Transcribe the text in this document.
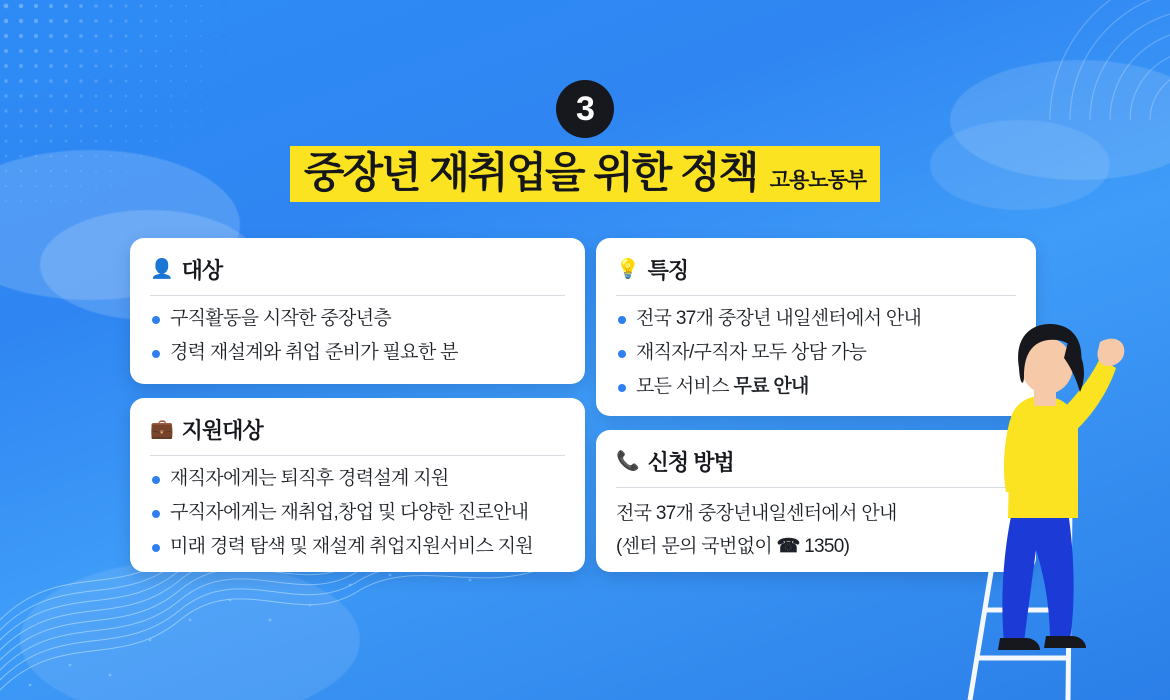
3
중장년 재취업을 위한 정책 고용노동부
👤 대상
구직활동을 시작한 중장년층
경력 재설계와 취업 준비가 필요한 분
💼 지원대상
재직자에게는 퇴직후 경력설계 지원
구직자에게는 재취업,창업 및 다양한 진로안내
미래 경력 탐색 및 재설계 취업지원서비스 지원
💡 특징
전국 37개 중장년 내일센터에서 안내
재직자/구직자 모두 상담 가능
모든 서비스 무료 안내
📞 신청 방법

전국 37개 중장년내일센터에서 안내

(센터 문의 국번없이 ☎ 1350)
